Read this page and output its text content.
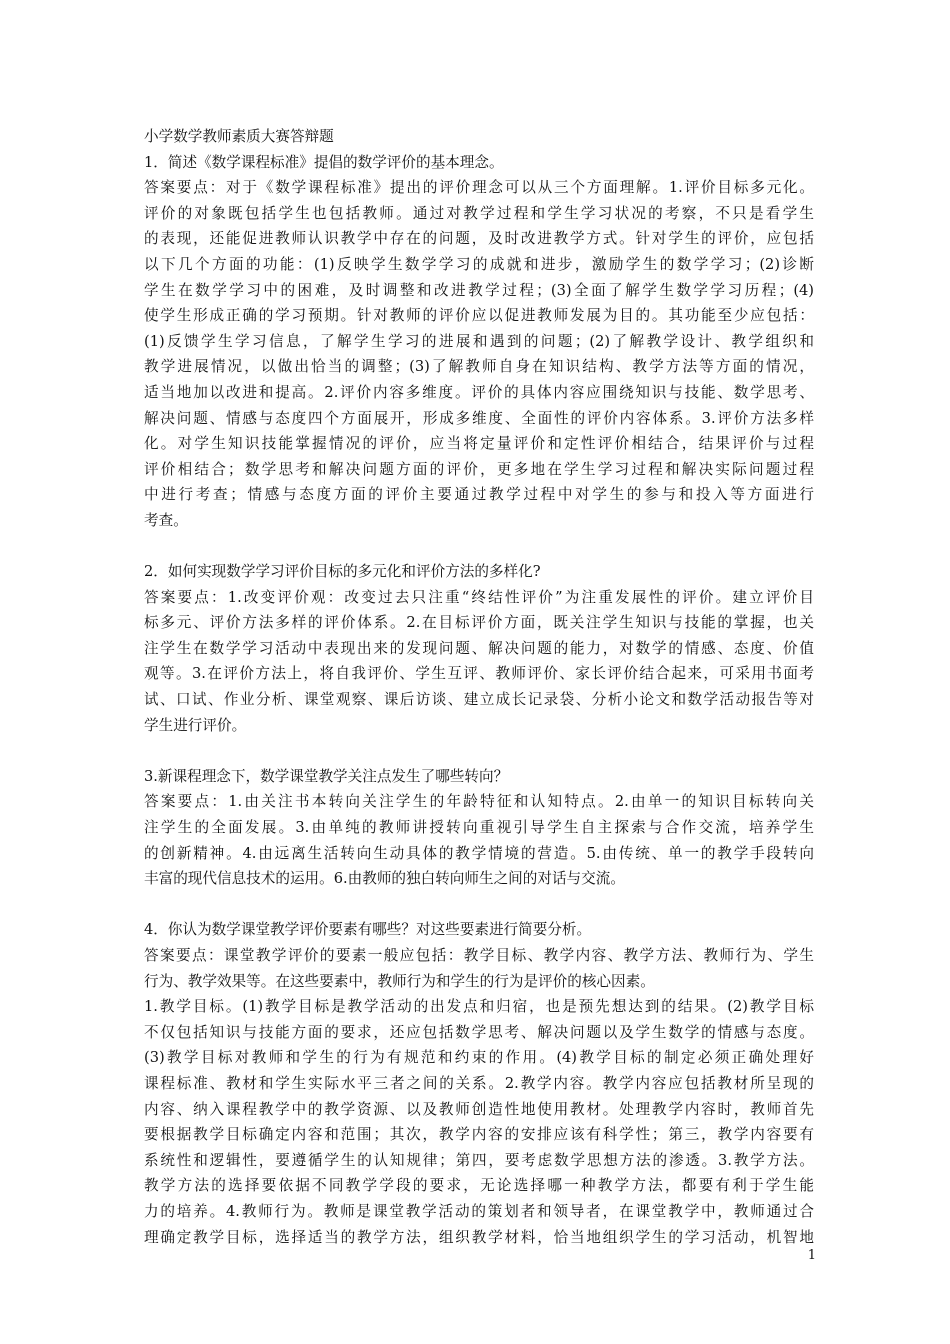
小学数学教师素质大赛答辩题
1．简述《数学课程标准》提倡的数学评价的基本理念。
答案要点：对于《数学课程标准》提出的评价理念可以从三个方面理解。1.评价目标多元化。
评价的对象既包括学生也包括教师。通过对教学过程和学生学习状况的考察，不只是看学生
的表现，还能促进教师认识教学中存在的问题，及时改进教学方式。针对学生的评价，应包括
以下几个方面的功能：(1)反映学生数学学习的成就和进步，激励学生的数学学习；(2)诊断
学生在数学学习中的困难，及时调整和改进教学过程；(3)全面了解学生数学学习历程；(4)
使学生形成正确的学习预期。针对教师的评价应以促进教师发展为目的。其功能至少应包括：
(1)反馈学生学习信息，了解学生学习的进展和遇到的问题；(2)了解教学设计、教学组织和
教学进展情况，以做出恰当的调整；(3)了解教师自身在知识结构、教学方法等方面的情况，
适当地加以改进和提高。2.评价内容多维度。评价的具体内容应围绕知识与技能、数学思考、
解决问题、情感与态度四个方面展开，形成多维度、全面性的评价内容体系。3.评价方法多样
化。对学生知识技能掌握情况的评价，应当将定量评价和定性评价相结合，结果评价与过程
评价相结合；数学思考和解决问题方面的评价，更多地在学生学习过程和解决实际问题过程
中进行考查；情感与态度方面的评价主要通过教学过程中对学生的参与和投入等方面进行
考查。
2．如何实现数学学习评价目标的多元化和评价方法的多样化?
答案要点：1.改变评价观：改变过去只注重“终结性评价”为注重发展性的评价。建立评价目
标多元、评价方法多样的评价体系。2.在目标评价方面，既关注学生知识与技能的掌握，也关
注学生在数学学习活动中表现出来的发现问题、解决问题的能力，对数学的情感、态度、价值
观等。3.在评价方法上，将自我评价、学生互评、教师评价、家长评价结合起来，可采用书面考
试、口试、作业分析、课堂观察、课后访谈、建立成长记录袋、分析小论文和数学活动报告等对
学生进行评价。
3.新课程理念下，数学课堂教学关注点发生了哪些转向？
答案要点：1.由关注书本转向关注学生的年龄特征和认知特点。2.由单一的知识目标转向关
注学生的全面发展。3.由单纯的教师讲授转向重视引导学生自主探索与合作交流，培养学生
的创新精神。4.由远离生活转向生动具体的教学情境的营造。5.由传统、单一的教学手段转向
丰富的现代信息技术的运用。6.由教师的独白转向师生之间的对话与交流。
4．你认为数学课堂教学评价要素有哪些？对这些要素进行简要分析。
答案要点：课堂教学评价的要素一般应包括：教学目标、教学内容、教学方法、教师行为、学生
行为、教学效果等。在这些要素中，教师行为和学生的行为是评价的核心因素。
1.教学目标。(1)教学目标是教学活动的出发点和归宿，也是预先想达到的结果。(2)教学目标
不仅包括知识与技能方面的要求，还应包括数学思考、解决问题以及学生数学的情感与态度。
(3)教学目标对教师和学生的行为有规范和约束的作用。(4)教学目标的制定必须正确处理好
课程标准、教材和学生实际水平三者之间的关系。2.教学内容。教学内容应包括教材所呈现的
内容、纳入课程教学中的教学资源、以及教师创造性地使用教材。处理教学内容时，教师首先
要根据教学目标确定内容和范围；其次，教学内容的安排应该有科学性；第三，教学内容要有
系统性和逻辑性，要遵循学生的认知规律；第四，要考虑数学思想方法的渗透。3.教学方法。
教学方法的选择要依据不同教学学段的要求，无论选择哪一种教学方法，都要有利于学生能
力的培养。4.教师行为。教师是课堂教学活动的策划者和领导者，在课堂教学中，教师通过合
理确定教学目标，选择适当的教学方法，组织教学材料，恰当地组织学生的学习活动，机智地
1
